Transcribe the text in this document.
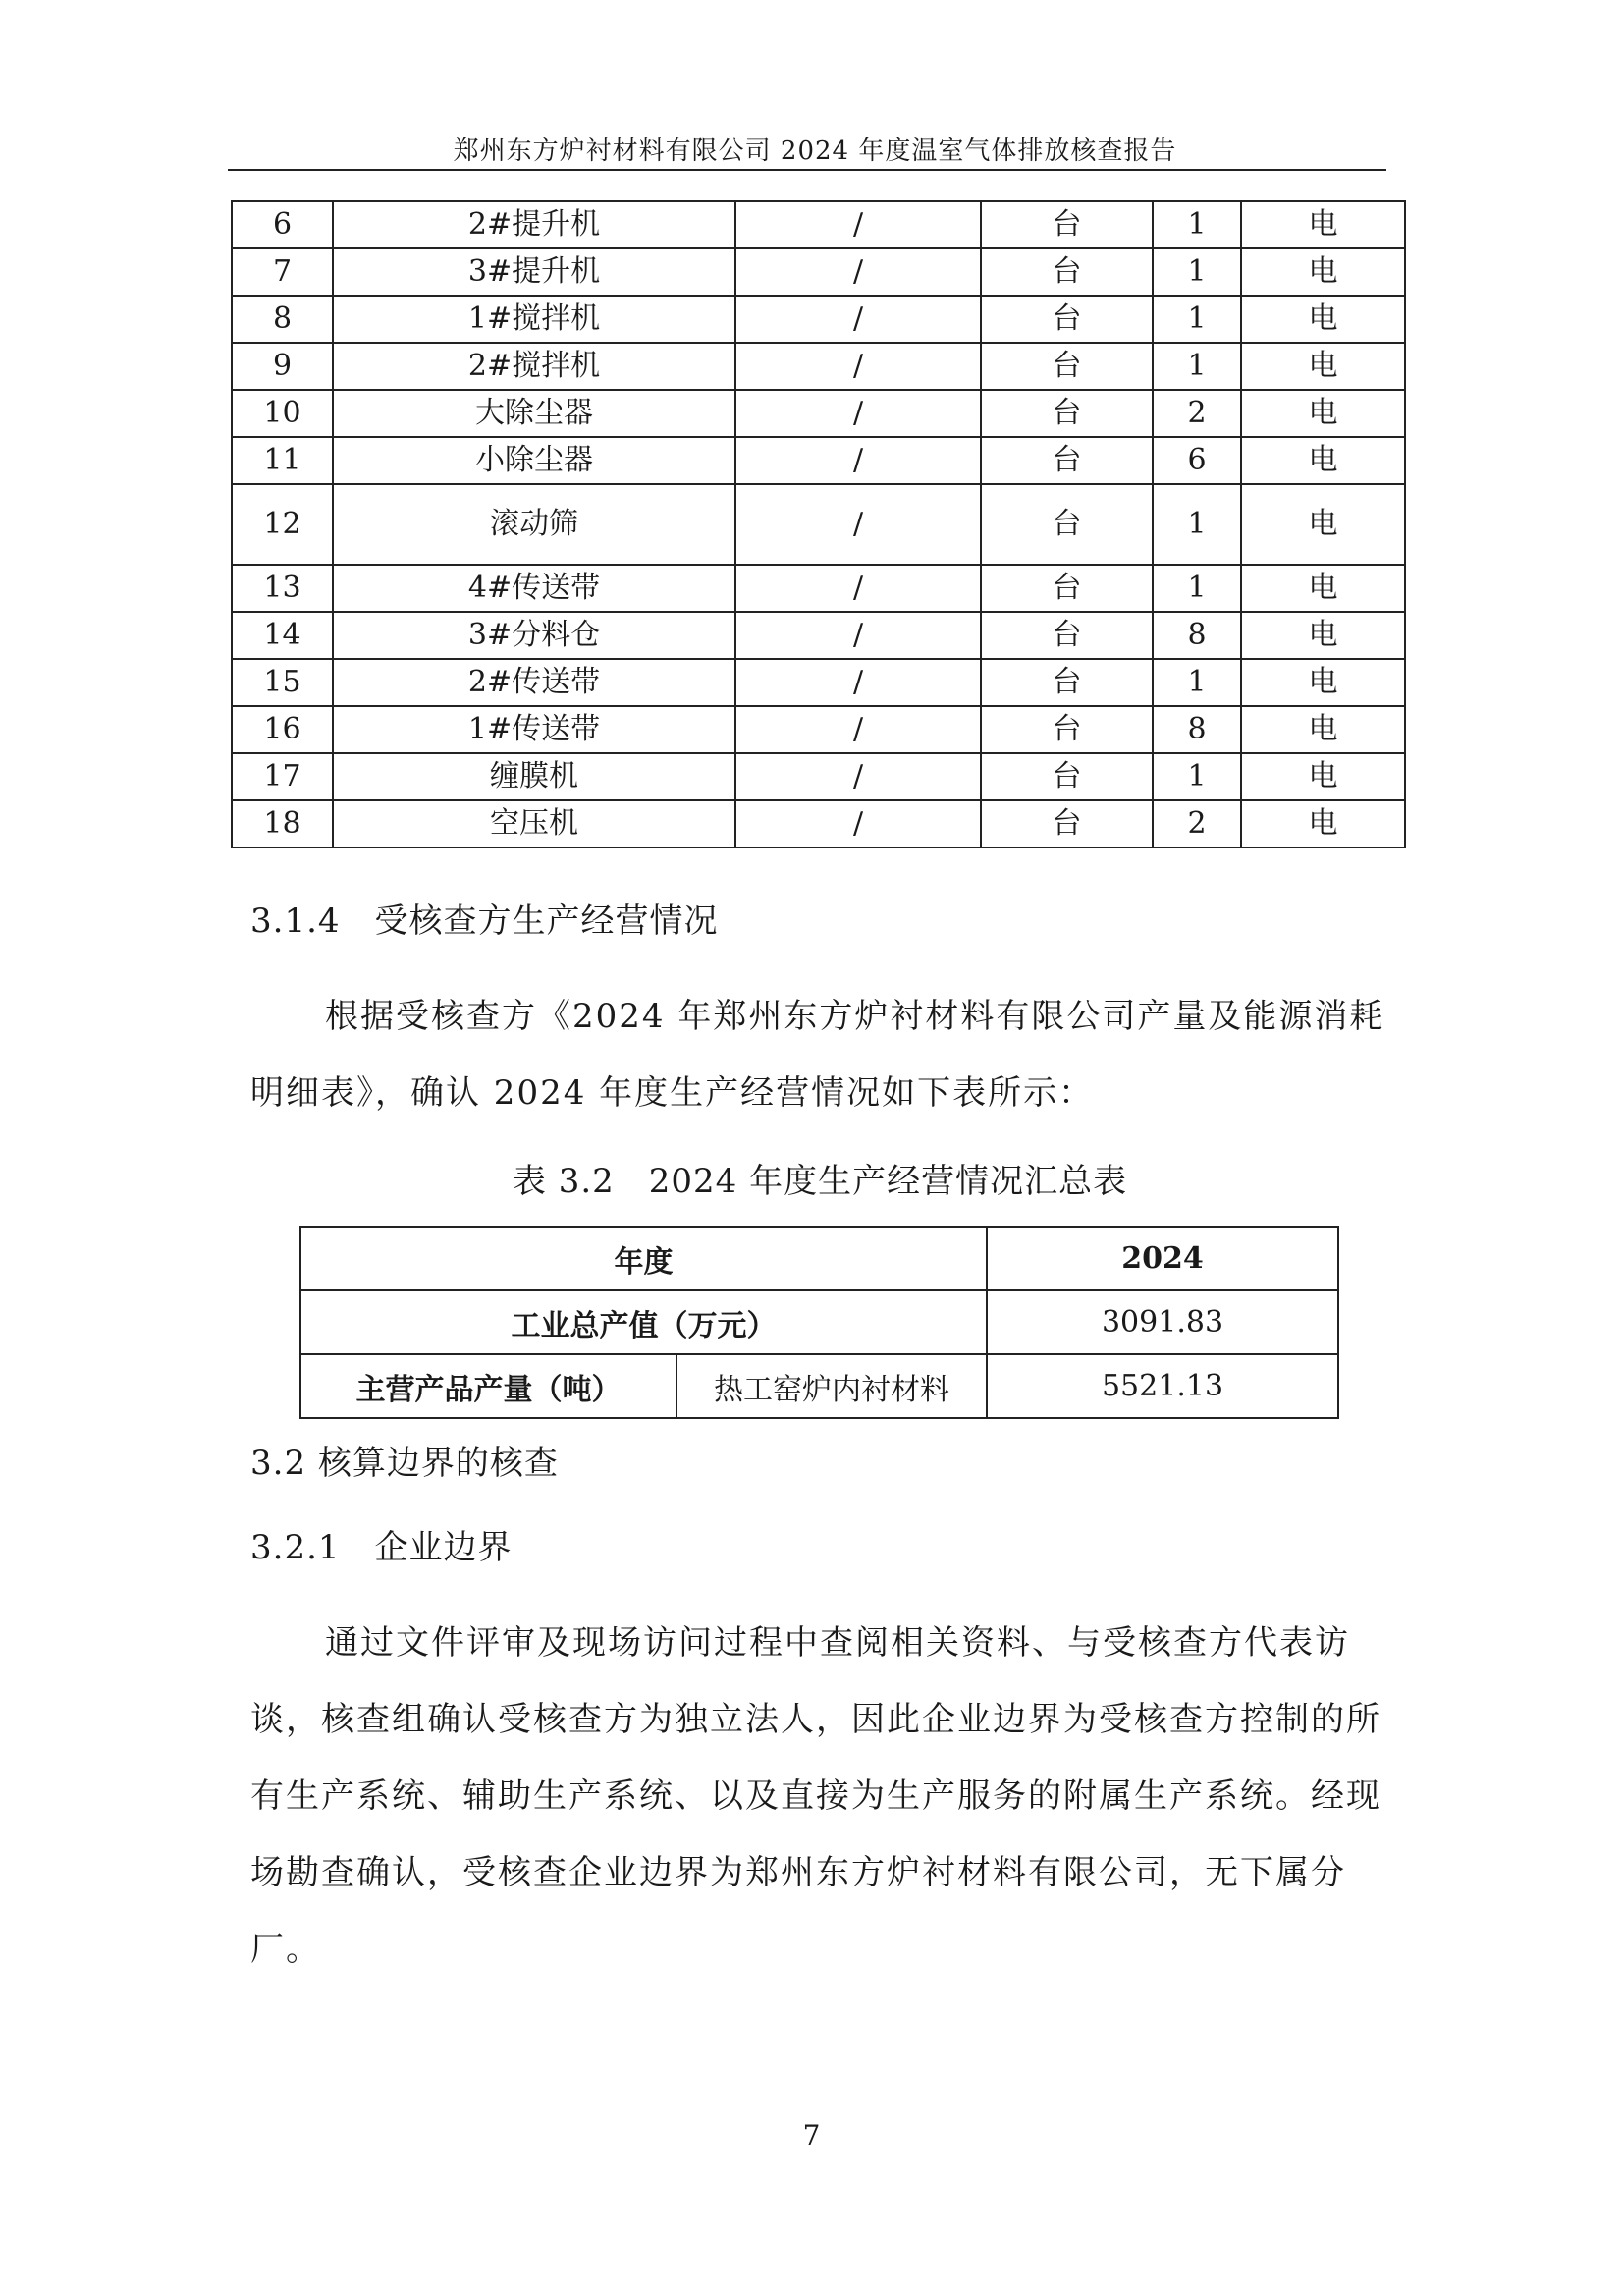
郑州东方炉衬材料有限公司 2024 年度温室气体排放核查报告
6	2#提升机	/	台	1	电
7	3#提升机	/	台	1	电
8	1#搅拌机	/	台	1	电
9	2#搅拌机	/	台	1	电
10	大除尘器	/	台	2	电
11	小除尘器	/	台	6	电
12	滚动筛	/	台	1	电
13	4#传送带	/	台	1	电
14	3#分料仓	/	台	8	电
15	2#传送带	/	台	1	电
16	1#传送带	/	台	8	电
17	缠膜机	/	台	1	电
18	空压机	/	台	2	电
3.1.4　受核查方生产经营情况

根据受核查方《2024 年郑州东方炉衬材料有限公司产量及能源消耗明细表》，确认 2024 年度生产经营情况如下表所示：

表 3.2　2024 年度生产经营情况汇总表
年度		2024
工业总产值（万元）		3091.83
主营产品产量（吨）	热工窑炉内衬材料	5521.13
3.2 核算边界的核查
3.2.1　企业边界

通过文件评审及现场访问过程中查阅相关资料、与受核查方代表访谈，核查组确认受核查方为独立法人，因此企业边界为受核查方控制的所有生产系统、辅助生产系统、以及直接为生产服务的附属生产系统。经现场勘查确认，受核查企业边界为郑州东方炉衬材料有限公司，无下属分厂。

7
